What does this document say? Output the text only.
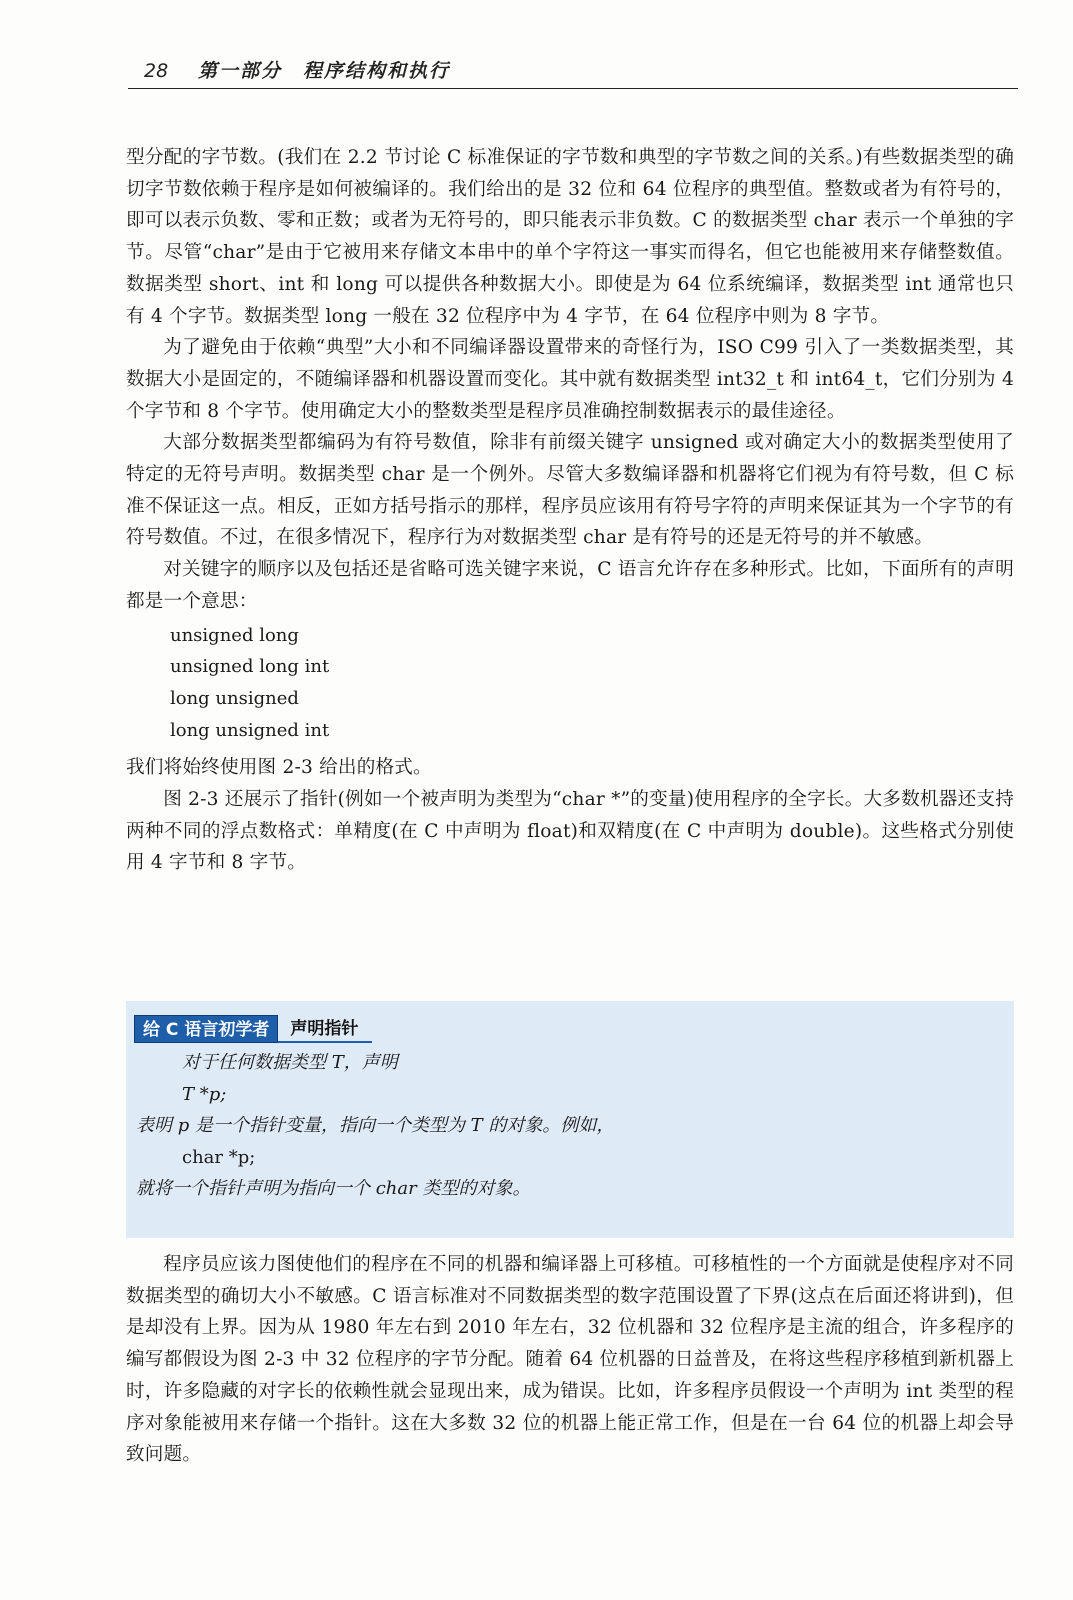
28 第一部分　程序结构和执行

型分配的字节数。(我们在 2.2 节讨论 C 标准保证的字节数和典型的字节数之间的关系。)有些数据类型的确切字节数依赖于程序是如何被编译的。我们给出的是 32 位和 64 位程序的典型值。整数或者为有符号的，即可以表示负数、零和正数；或者为无符号的，即只能表示非负数。C 的数据类型 char 表示一个单独的字节。尽管“char”是由于它被用来存储文本串中的单个字符这一事实而得名，但它也能被用来存储整数值。数据类型 short、int 和 long 可以提供各种数据大小。即使是为 64 位系统编译，数据类型 int 通常也只有 4 个字节。数据类型 long 一般在 32 位程序中为 4 字节，在 64 位程序中则为 8 字节。

为了避免由于依赖“典型”大小和不同编译器设置带来的奇怪行为，ISO C99 引入了一类数据类型，其数据大小是固定的，不随编译器和机器设置而变化。其中就有数据类型 int32_t 和 int64_t，它们分别为 4 个字节和 8 个字节。使用确定大小的整数类型是程序员准确控制数据表示的最佳途径。

大部分数据类型都编码为有符号数值，除非有前缀关键字 unsigned 或对确定大小的数据类型使用了特定的无符号声明。数据类型 char 是一个例外。尽管大多数编译器和机器将它们视为有符号数，但 C 标准不保证这一点。相反，正如方括号指示的那样，程序员应该用有符号字符的声明来保证其为一个字节的有符号数值。不过，在很多情况下，程序行为对数据类型 char 是有符号的还是无符号的并不敏感。

对关键字的顺序以及包括还是省略可选关键字来说，C 语言允许存在多种形式。比如，下面所有的声明都是一个意思：

unsigned long
unsigned long int
long unsigned
long unsigned int

我们将始终使用图 2-3 给出的格式。

图 2-3 还展示了指针(例如一个被声明为类型为“char *”的变量)使用程序的全字长。大多数机器还支持两种不同的浮点数格式：单精度(在 C 中声明为 float)和双精度(在 C 中声明为 double)。这些格式分别使用 4 字节和 8 字节。

给 C 语言初学者	声明指针
对于任何数据类型 T，声明
T *p;
表明 p 是一个指针变量，指向一个类型为 T 的对象。例如，
char *p;
就将一个指针声明为指向一个 char 类型的对象。

程序员应该力图使他们的程序在不同的机器和编译器上可移植。可移植性的一个方面就是使程序对不同数据类型的确切大小不敏感。C 语言标准对不同数据类型的数字范围设置了下界(这点在后面还将讲到)，但是却没有上界。因为从 1980 年左右到 2010 年左右，32 位机器和 32 位程序是主流的组合，许多程序的编写都假设为图 2-3 中 32 位程序的字节分配。随着 64 位机器的日益普及，在将这些程序移植到新机器上时，许多隐藏的对字长的依赖性就会显现出来，成为错误。比如，许多程序员假设一个声明为 int 类型的程序对象能被用来存储一个指针。这在大多数 32 位的机器上能正常工作，但是在一台 64 位的机器上却会导致问题。
